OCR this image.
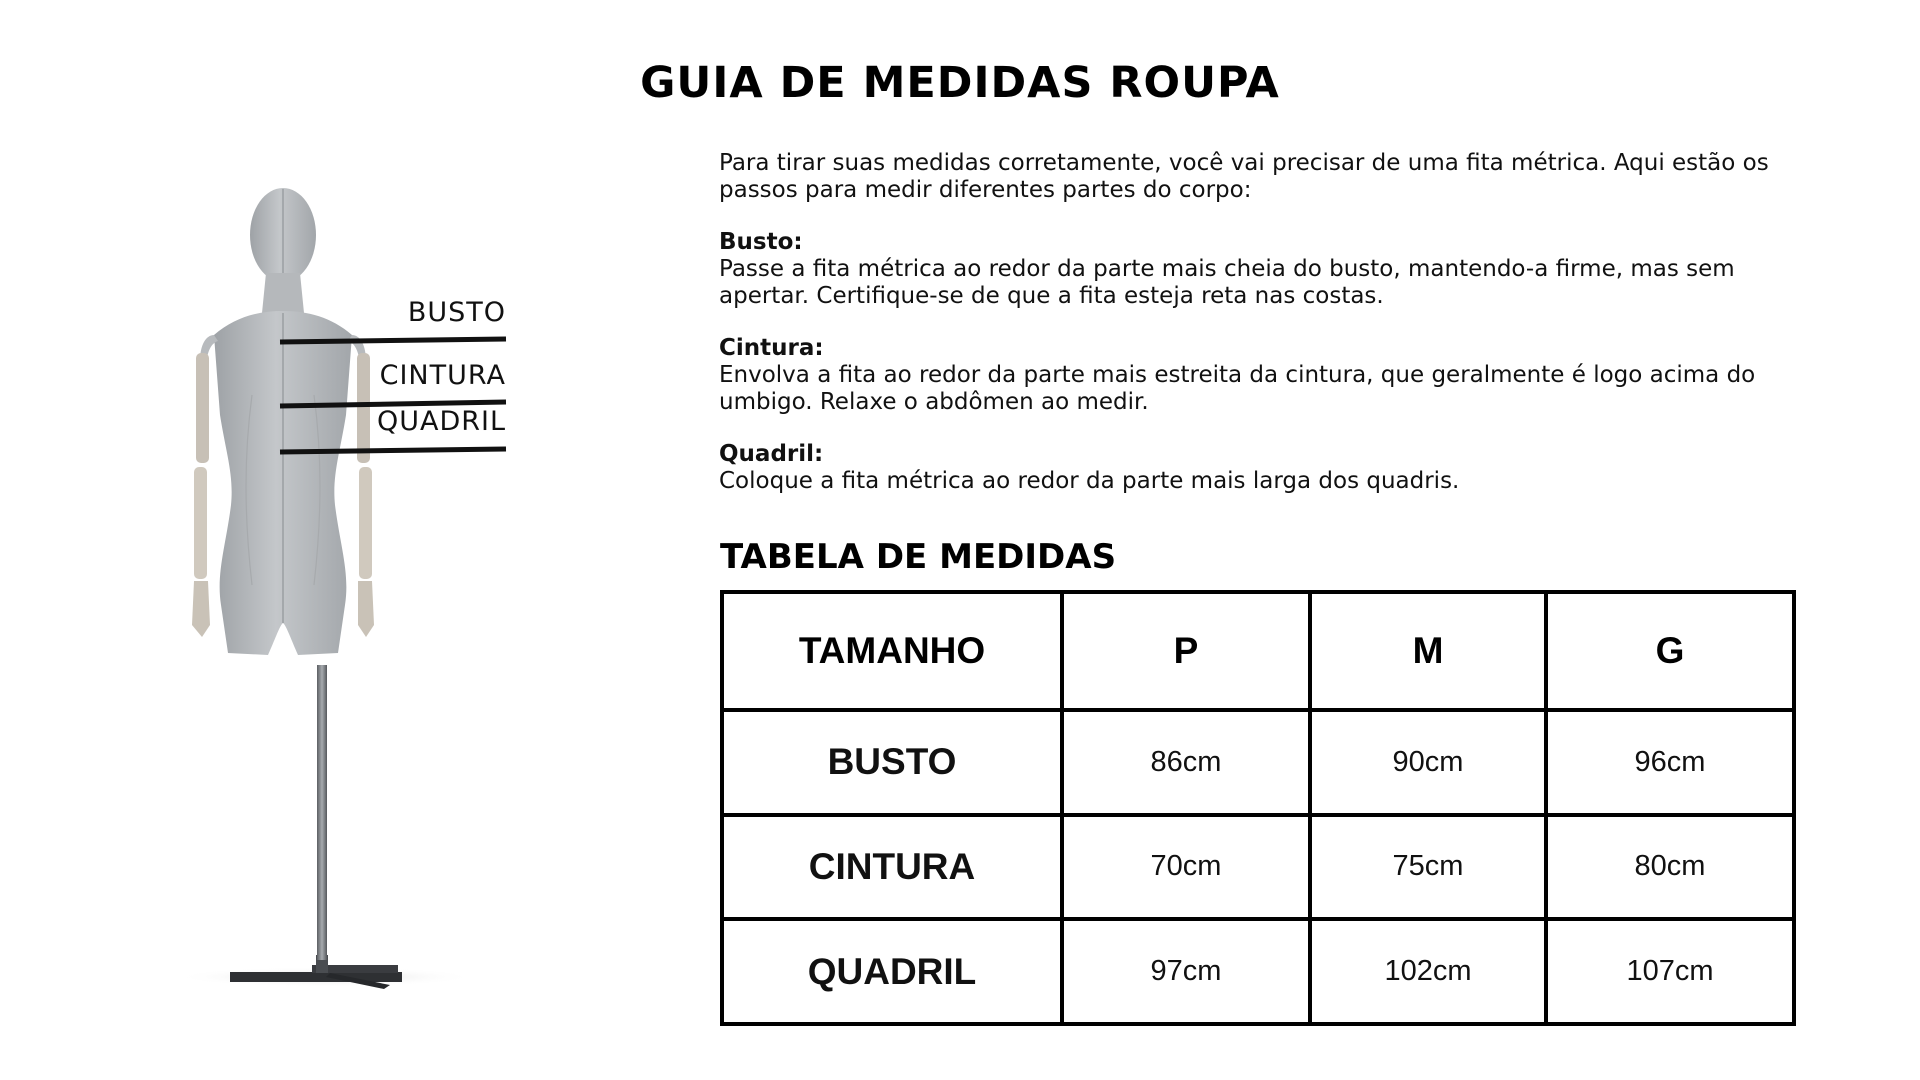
GUIA DE MEDIDAS ROUPA
BUSTO
CINTURA
QUADRIL

Para tirar suas medidas corretamente, você vai precisar de uma fita métrica. Aqui estão os passos para medir diferentes partes do corpo:

Busto:
Passe a fita métrica ao redor da parte mais cheia do busto, mantendo-a firme, mas sem apertar. Certifique-se de que a fita esteja reta nas costas.

Cintura:
Envolva a fita ao redor da parte mais estreita da cintura, que geralmente é logo acima do umbigo. Relaxe o abdômen ao medir.

Quadril:
Coloque a fita métrica ao redor da parte mais larga dos quadris.

TABELA DE MEDIDAS
TAMANHO	P	M	G
BUSTO	86cm	90cm	96cm
CINTURA	70cm	75cm	80cm
QUADRIL	97cm	102cm	107cm
